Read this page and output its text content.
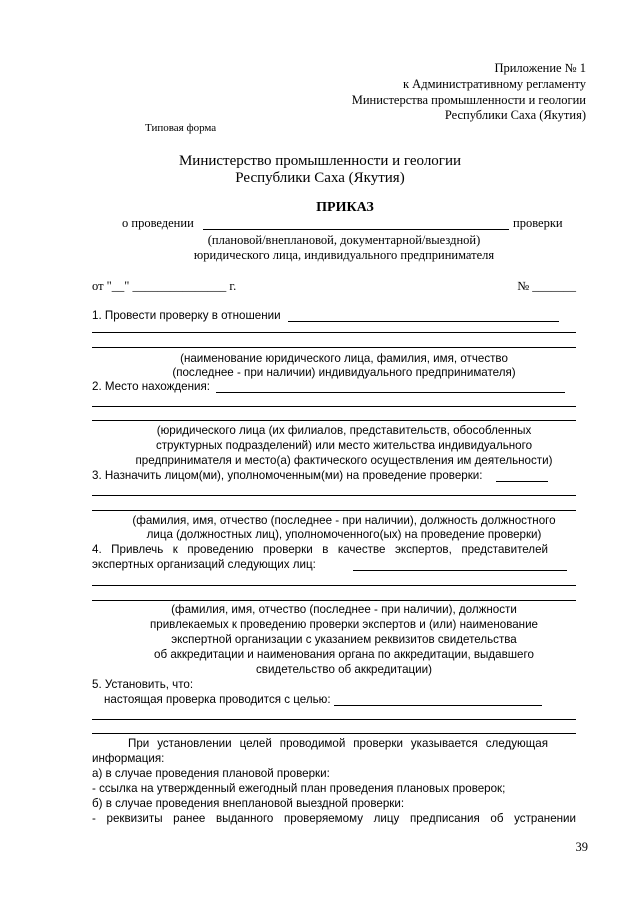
Приложение № 1
к Административному регламенту
Министерства промышленности и геологии
Республики Саха (Якутия)
Типовая форма
Министерство промышленности и геологии
Республики Саха (Якутия)
ПРИКАЗ
о проведении	проверки
(плановой/внеплановой, документарной/выездной)
юридического лица, индивидуального предпринимателя
от "__" _______________ г.	№ _______
1. Провести проверку в отношении
(наименование юридического лица, фамилия, имя, отчество
(последнее - при наличии) индивидуального предпринимателя)
2. Место нахождения:
(юридического лица (их филиалов, представительств, обособленных
структурных подразделений) или место жительства индивидуального
предпринимателя и место(а) фактического осуществления им деятельности)
3. Назначить лицом(ми), уполномоченным(ми) на проведение проверки:
(фамилия, имя, отчество (последнее - при наличии), должность должностного
лица (должностных лиц), уполномоченного(ых) на проведение проверки)
4. Привлечь к проведению проверки в качестве экспертов, представителей
экспертных организаций следующих лиц:
(фамилия, имя, отчество (последнее - при наличии), должности
привлекаемых к проведению проверки экспертов и (или) наименование
экспертной организации с указанием реквизитов свидетельства
об аккредитации и наименования органа по аккредитации, выдавшего
свидетельство об аккредитации)
5. Установить, что:
настоящая проверка проводится с целью:
При установлении целей проводимой проверки указывается следующая
информация:
а) в случае проведения плановой проверки:
- ссылка на утвержденный ежегодный план проведения плановых проверок;
б) в случае проведения внеплановой выездной проверки:
- реквизиты ранее выданного проверяемому лицу предписания об устранении
39
